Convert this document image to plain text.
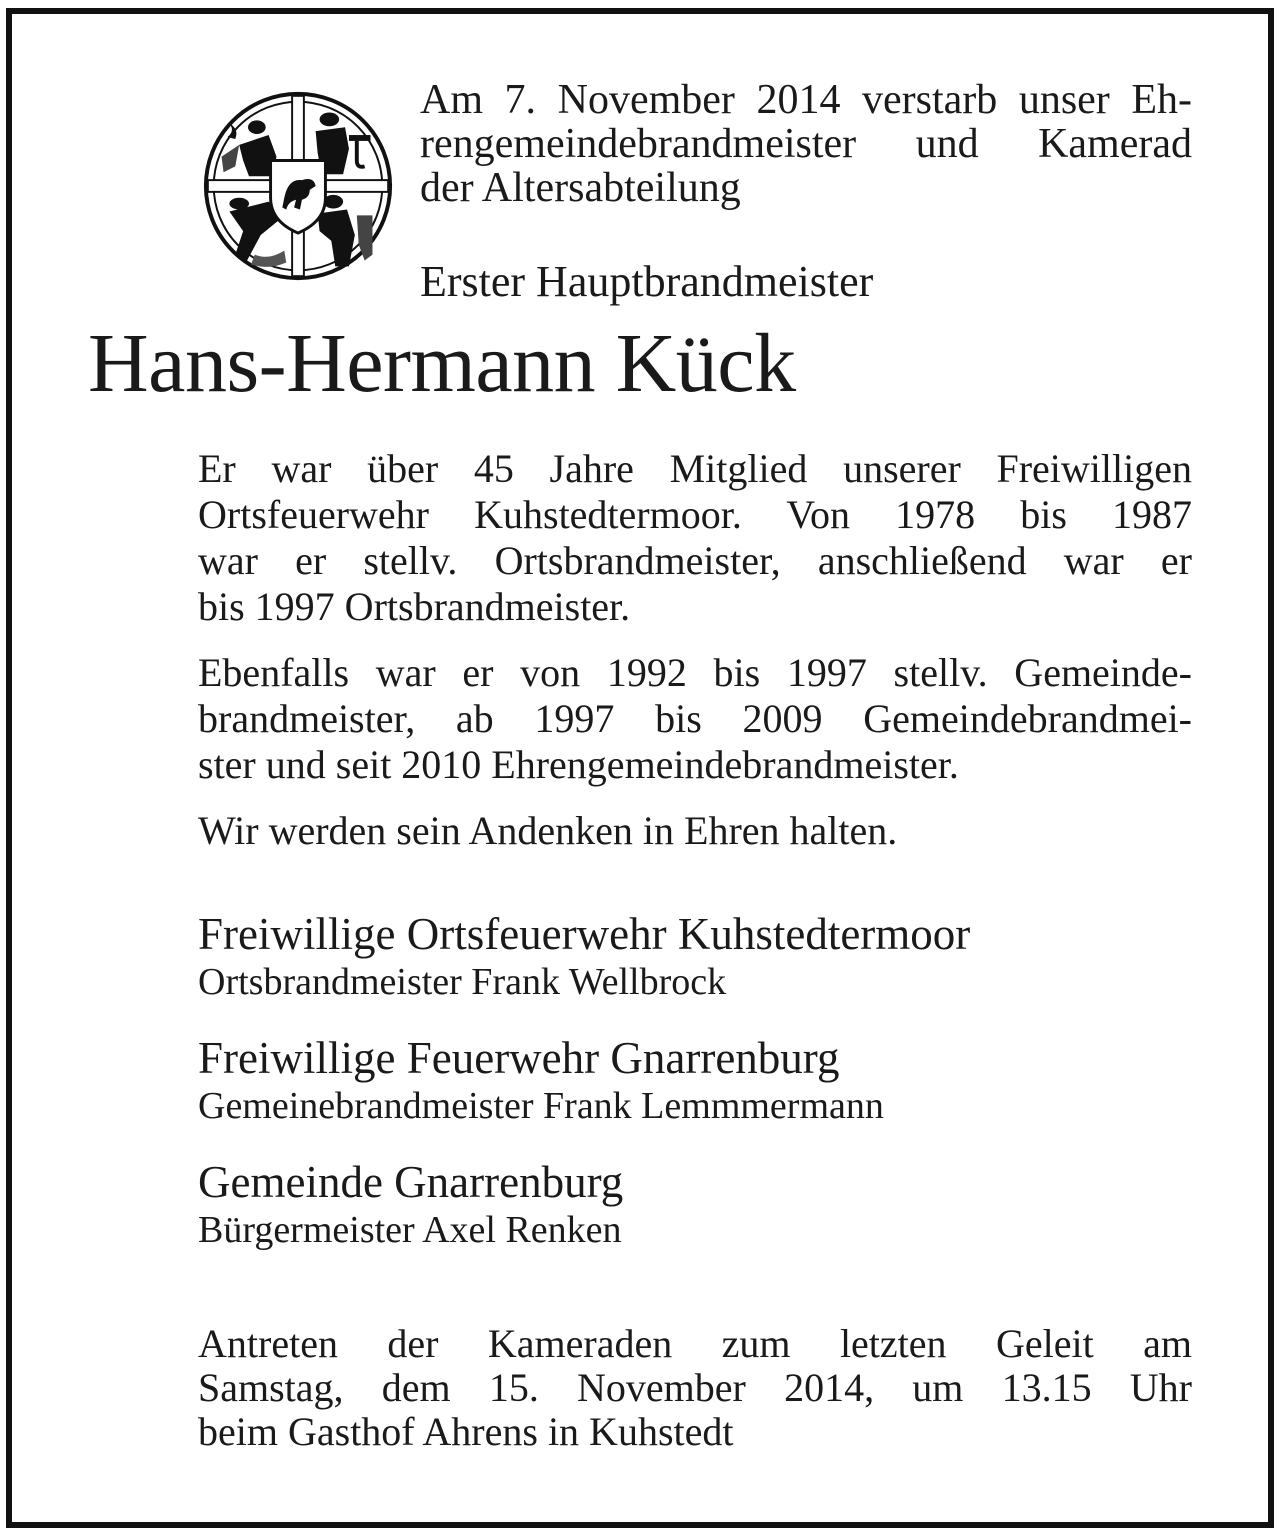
Am 7. November 2014 verstarb unser Eh-

rengemeindebrandmeister und Kamerad

der Altersabteilung

Erster Hauptbrandmeister
Hans-Hermann Kück
Er war über 45 Jahre Mitglied unserer Freiwilligen
Ortsfeuerwehr Kuhstedtermoor. Von 1978 bis 1987
war er stellv. Ortsbrandmeister, anschließend war er
bis 1997 Ortsbrandmeister.
Ebenfalls war er von 1992 bis 1997 stellv. Gemeinde-
brandmeister, ab 1997 bis 2009 Gemeindebrandmei-
ster und seit 2010 Ehrengemeindebrandmeister.
Wir werden sein Andenken in Ehren halten.
Freiwillige Ortsfeuerwehr Kuhstedtermoor
Ortsbrandmeister Frank Wellbrock
Freiwillige Feuerwehr Gnarrenburg
Gemeinebrandmeister Frank Lemmmermann
Gemeinde Gnarrenburg
Bürgermeister Axel Renken
Antreten der Kameraden zum letzten Geleit am
Samstag, dem 15. November 2014, um 13.15 Uhr
beim Gasthof Ahrens in Kuhstedt
